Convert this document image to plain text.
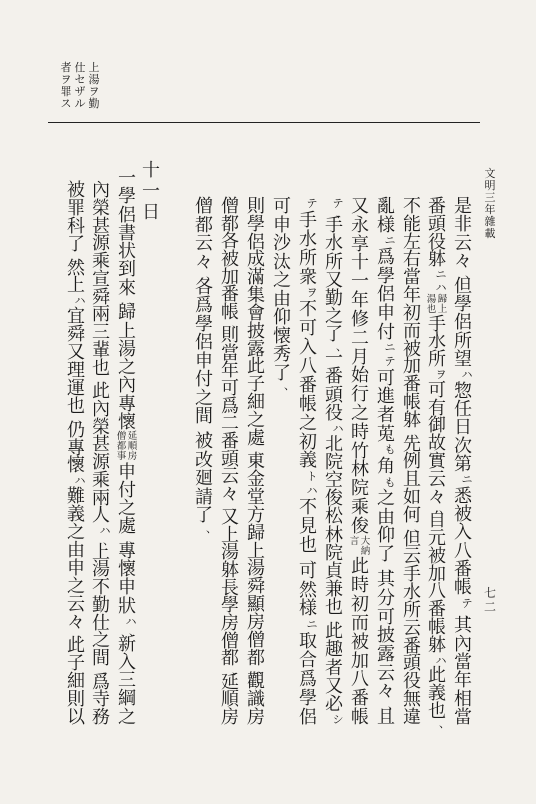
上
湯
ヲ
勤
仕
セ
ザ
ル
者
ヲ
罪
ス
文
明
三
年
雜
載
七
二
是
非
云
々
、
但
學
侶
所
望
ハ
惣
任
日
次
第
ニ
悉
被
入
八
番
帳
テ
、
其
內
當
年
相
當
番
頭
役
躰
ニ
ハ
歸
上
湯
也
手
水
所
ヲ
可
有
御
故
實
云
々
、
自
元
被
加
八
番
帳
躰
ハ
此
義
也
、
不
能
左
右
當
年
初
而
被
加
番
帳
躰
、
先
例
且
如
何
、
但
云
手
水
所
云
番
頭
役
無
違
亂
様
ニ
爲
學
侶
申
付
ニ
テ
可
進
者
莵
も
角
も
之
由
仰
了
、
其
分
可
披
露
云
々
、
且
又
永
享
十
一
年
修
二
月
始
行
之
時
竹
林
院
乘
俊
大
納
言
此
時
初
而
被
加
八
番
帳
テ
、
手
水
所
又
勤
之
了
、
一
番
頭
役
ハ
北
院
空
俊
松
林
院
貞
兼
也
、
此
趣
者
又
必
シ
テ
手
水
所
衆
ヲ
不
可
入
八
番
帳
之
初
義
ト
ハ
不
見
也
、
可
然
様
ニ
取
合
爲
學
侶
可
申
沙
汰
之
由
仰
懐
秀
了
、
則
學
侶
成
滿
集
會
披
露
此
子
細
之
處
、
東
金
堂
方
歸
上
湯
舜
顯
房
僧
都
、
觀
識
房
僧
都
各
被
加
番
帳
、
則
當
年
可
爲
二
番
頭
云
々
、
又
上
湯
躰
長
學
房
僧
都
、
延
順
房
僧
都
云
々
、
各
爲
學
侶
申
付
之
間
、
被
改
廻
請
了
、
十
一
日
一
學
侶
書
状
到
來
、
歸
上
湯
之
內
專
懷
延
順
房
僧
都
事
申
付
之
處
、
專
懷
申
狀
ハ
、
新
入
三
綱
之
內
榮
甚
源
乘
宣
舜
兩
三
輩
也
、
此
內
榮
甚
源
乘
兩
人
ハ
、
上
湯
不
勤
仕
之
間
、
爲
寺
務
被
罪
科
了
、
然
上
ハ
宜
舜
又
理
運
也
、
仍
專
懷
ハ
難
義
之
由
申
之
云
々
、
此
子
細
則
以
